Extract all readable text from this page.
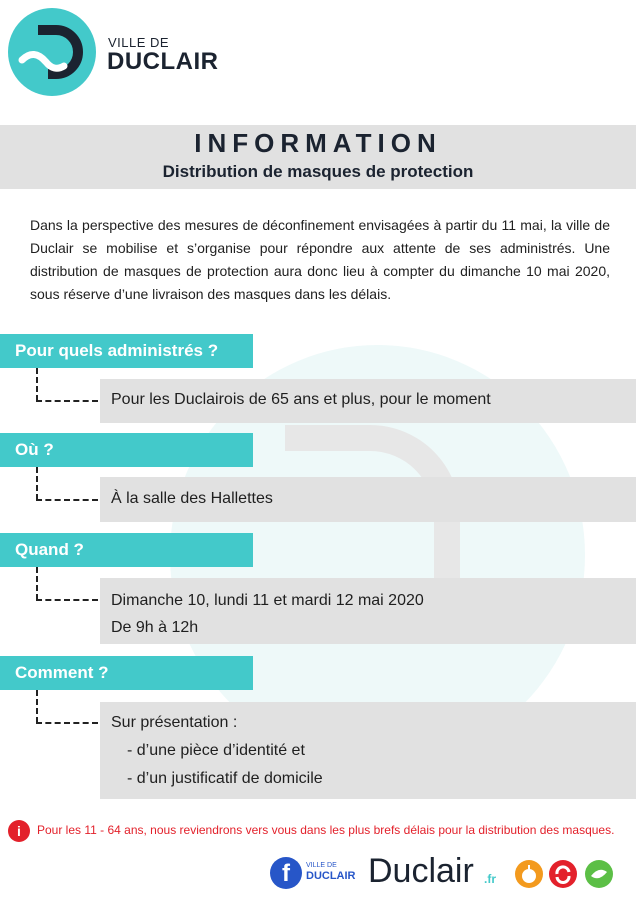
VILLE DE
DUCLAIR
INFORMATION
Distribution de masques de protection
Dans la perspective des mesures de déconfinement envisagées à partir du 11 mai, la ville de Duclair se mobilise et s’organise pour répondre aux attente de ses administrés. Une distribution de masques de protection aura donc lieu à compter du dimanche 10 mai 2020, sous réserve d’une livraison des masques dans les délais.
Pour quels administrés ?
Pour les Duclairois de 65 ans et plus, pour le moment
Où ?
À la salle des Hallettes
Quand ?
Dimanche 10, lundi 11 et mardi 12 mai 2020
De 9h à 12h
Comment ?
Sur présentation :
- d’une pièce d’identité et
- d’un justificatif de domicile
i	Pour les 11 - 64 ans, nous reviendrons vers vous dans les plus brefs délais pour la distribution des masques.
f	VILLE DE
DUCLAIR Duclair .fr
